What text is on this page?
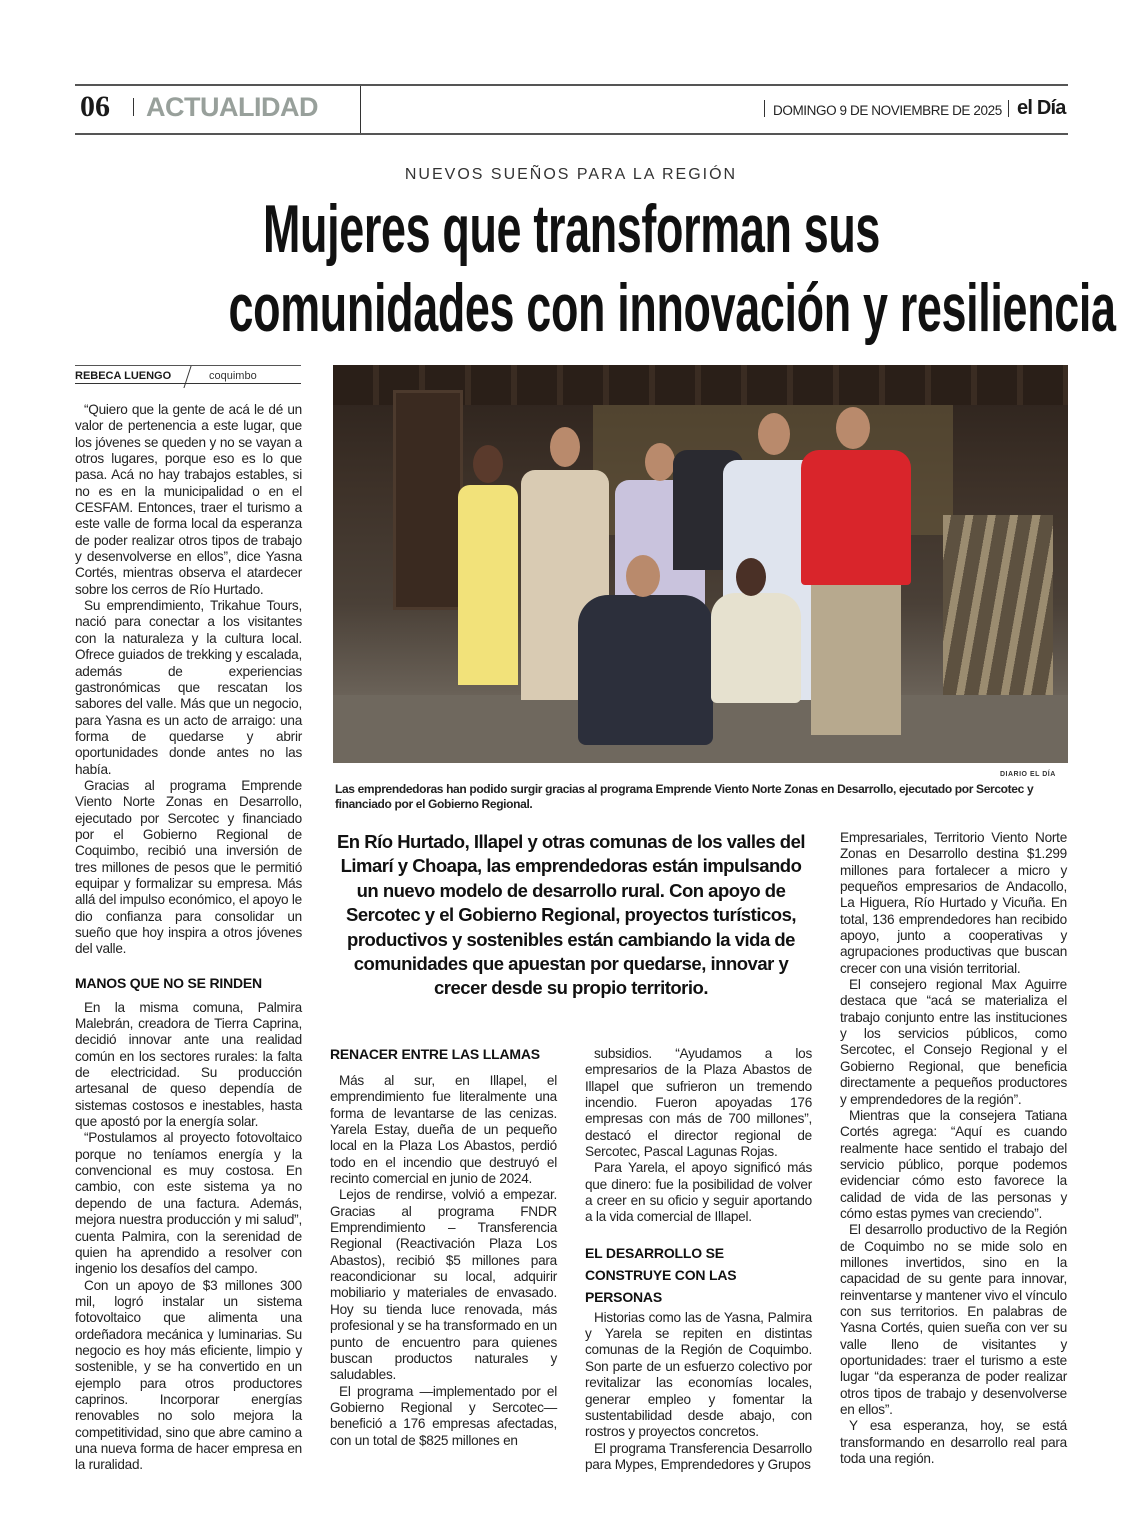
06 ACTUALIDAD	DOMINGO 9 DE NOVIEMBRE DE 2025 el Día
NUEVOS SUEÑOS PARA LA REGIÓN
Mujeres que transforman sus
comunidades con innovación y resiliencia
REBECA LUENGO	coquimbo

“Quiero que la gente de acá le dé un valor de pertenencia a este lugar, que los jóvenes se queden y no se vayan a otros lugares, porque eso es lo que pasa. Acá no hay trabajos estables, si no es en la municipalidad o en el CESFAM. Entonces, traer el turismo a este valle de forma local da esperanza de poder realizar otros tipos de trabajo y desenvolverse en ellos”, dice Yasna Cortés, mientras observa el atardecer sobre los cerros de Río Hurtado.

Su emprendimiento, Trikahue Tours, nació para conectar a los visitantes con la naturaleza y la cultura local. Ofrece guiados de trekking y escalada, además de experiencias gastronómicas que rescatan los sabores del valle. Más que un negocio, para Yasna es un acto de arraigo: una forma de quedarse y abrir oportunidades donde antes no las había.

Gracias al programa Emprende Viento Norte Zonas en Desarrollo, ejecutado por Sercotec y financiado por el Gobierno Regional de Coquimbo, recibió una inversión de tres millones de pesos que le permitió equipar y formalizar su empresa. Más allá del impulso económico, el apoyo le dio confianza para consolidar un sueño que hoy inspira a otros jóvenes del valle.

MANOS QUE NO SE RINDEN

En la misma comuna, Palmira Malebrán, creadora de Tierra Caprina, decidió innovar ante una realidad común en los sectores rurales: la falta de electricidad. Su producción artesanal de queso dependía de sistemas costosos e inestables, hasta que apostó por la energía solar.

“Postulamos al proyecto fotovoltaico porque no teníamos energía y la convencional es muy costosa. En cambio, con este sistema ya no dependo de una factura. Además, mejora nuestra producción y mi salud”, cuenta Palmira, con la serenidad de quien ha aprendido a resolver con ingenio los desafíos del campo.

Con un apoyo de $3 millones 300 mil, logró instalar un sistema fotovoltaico que alimenta una ordeñadora mecánica y luminarias. Su negocio es hoy más eficiente, limpio y sostenible, y se ha convertido en un ejemplo para otros productores caprinos. Incorporar energías renovables no solo mejora la competitividad, sino que abre camino a una nueva forma de hacer empresa en la ruralidad.

DIARIO EL DÍA
Las emprendedoras han podido surgir gracias al programa Emprende Viento Norte Zonas en Desarrollo, ejecutado por Sercotec y financiado por el Gobierno Regional.
En Río Hurtado, Illapel y otras comunas de los valles del Limarí y Choapa, las emprendedoras están impulsando un nuevo modelo de desarrollo rural. Con apoyo de Sercotec y el Gobierno Regional, proyectos turísticos, productivos y sostenibles están cambiando la vida de comunidades que apuestan por quedarse, innovar y crecer desde su propio territorio.
RENACER ENTRE LAS LLAMAS

Más al sur, en Illapel, el emprendimiento fue literalmente una forma de levantarse de las cenizas. Yarela Estay, dueña de un pequeño local en la Plaza Los Abastos, perdió todo en el incendio que destruyó el recinto comercial en junio de 2024.

Lejos de rendirse, volvió a empezar. Gracias al programa FNDR Emprendimiento – Transferencia Regional (Reactivación Plaza Los Abastos), recibió $5 millones para reacondicionar su local, adquirir mobiliario y materiales de envasado. Hoy su tienda luce renovada, más profesional y se ha transformado en un punto de encuentro para quienes buscan productos naturales y saludables.

El programa —implementado por el Gobierno Regional y Sercotec— benefició a 176 empresas afectadas, con un total de $825 millones en

subsidios. “Ayudamos a los empresarios de la Plaza Abastos de Illapel que sufrieron un tremendo incendio. Fueron apoyadas 176 empresas con más de 700 millones”, destacó el director regional de Sercotec, Pascal Lagunas Rojas.

Para Yarela, el apoyo significó más que dinero: fue la posibilidad de volver a creer en su oficio y seguir aportando a la vida comercial de Illapel.

EL DESARROLLO SE CONSTRUYE CON LAS PERSONAS

Historias como las de Yasna, Palmira y Yarela se repiten en distintas comunas de la Región de Coquimbo. Son parte de un esfuerzo colectivo por revitalizar las economías locales, generar empleo y fomentar la sustentabilidad desde abajo, con rostros y proyectos concretos.

El programa Transferencia Desarrollo para Mypes, Emprendedores y Grupos

Empresariales, Territorio Viento Norte Zonas en Desarrollo destina $1.299 millones para fortalecer a micro y pequeños empresarios de Andacollo, La Higuera, Río Hurtado y Vicuña. En total, 136 emprendedores han recibido apoyo, junto a cooperativas y agrupaciones productivas que buscan crecer con una visión territorial.

El consejero regional Max Aguirre destaca que “acá se materializa el trabajo conjunto entre las instituciones y los servicios públicos, como Sercotec, el Consejo Regional y el Gobierno Regional, que beneficia directamente a pequeños productores y emprendedores de la región”.

Mientras que la consejera Tatiana Cortés agrega: “Aquí es cuando realmente hace sentido el trabajo del servicio público, porque podemos evidenciar cómo esto favorece la calidad de vida de las personas y cómo estas pymes van creciendo”.

El desarrollo productivo de la Región de Coquimbo no se mide solo en millones invertidos, sino en la capacidad de su gente para innovar, reinventarse y mantener vivo el vínculo con sus territorios. En palabras de Yasna Cortés, quien sueña con ver su valle lleno de visitantes y oportunidades: traer el turismo a este lugar “da esperanza de poder realizar otros tipos de trabajo y desenvolverse en ellos”.

Y esa esperanza, hoy, se está transformando en desarrollo real para toda una región.
